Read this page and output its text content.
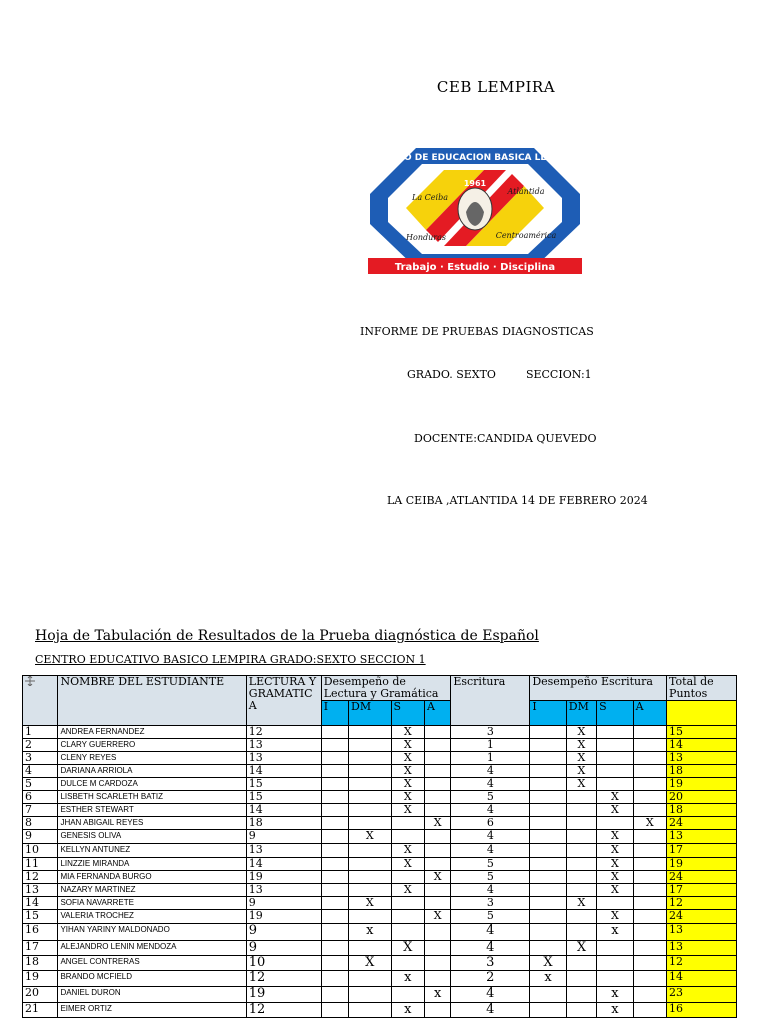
CEB LEMPIRA
Trabajo · Estudio · Disciplina
CENTRO DE EDUCACION BASICA LEMPIRA
1961
La Ceiba
Atlántida
Honduras	Centroamérica
INFORME DE PRUEBAS DIAGNOSTICAS
GRADO. SEXTO	SECCION:1
DOCENTE:CANDIDA QUEVEDO
LA CEIBA ,ATLANTIDA 14 DE FEBRERO 2024
Hoja de Tabulación de Resultados de la Prueba diagnóstica de Español
CENTRO EDUCATIVO BASICO LEMPIRA GRADO:SEXTO SECCION 1
	NOMBRE DEL ESTUDIANTE	LECTURA Y GRAMATICA	Desempeño de Lectura y Gramática				Escritura	Desempeño Escritura				Total de Puntos
			I	DM	S	A		I	DM	S	A	
1	ANDREA FERNANDEZ	12			X		3		X			15
2	CLARY GUERRERO	13			X		1		X			14
3	CLENY REYES	13			X		1		X			13
4	DARIANA ARRIOLA	14			X		4		X			18
5	DULCE M CARDOZA	15			X		4		X			19
6	LISBETH SCARLETH BATIZ	15			X		5			X		20
7	ESTHER STEWART	14			X		4			X		18
8	JHAN ABIGAIL REYES	18				X	6				X	24
9	GENESIS OLIVA	9		X			4			X		13
10	KELLYN ANTUNEZ	13			X		4			X		17
11	LINZZIE MIRANDA	14			X		5			X		19
12	MIA FERNANDA BURGO	19				X	5			X		24
13	NAZARY MARTINEZ	13			X		4			X		17
14	SOFIA NAVARRETE	9		X			3		X			12
15	VALERIA TROCHEZ	19				X	5			X		24
16	YIHAN YARINY MALDONADO	9		x			4			x		13
17	ALEJANDRO LENIN MENDOZA	9			X		4		X			13
18	ANGEL CONTRERAS	10		X			3	X				12
19	BRANDO MCFIELD	12			x		2	x				14
20	DANIEL DURON	19				x	4			x		23
21	EIMER ORTIZ	12			x		4			x		16
